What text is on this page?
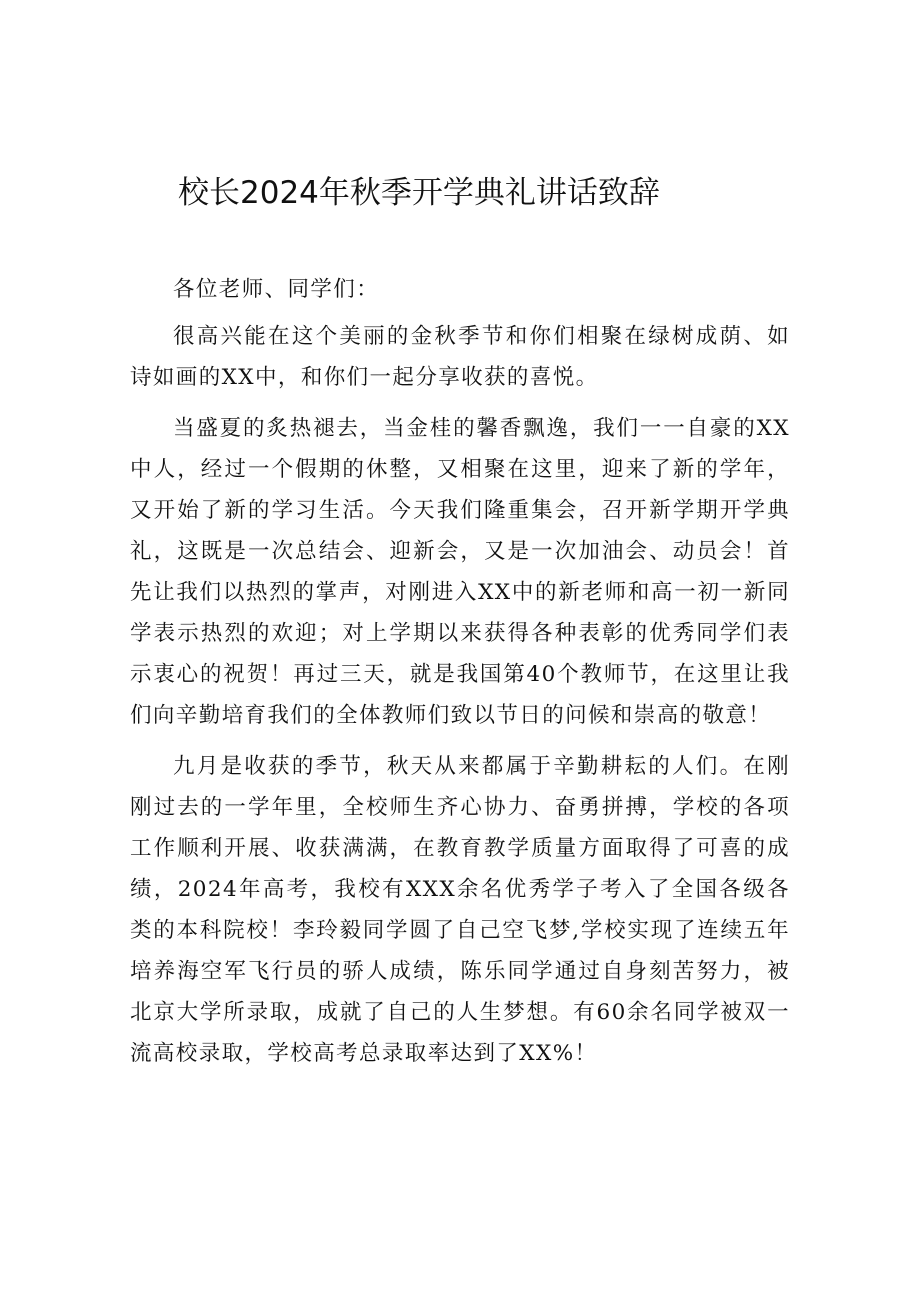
校长2024年秋季开学典礼讲话致辞

各位老师、同学们：

很高兴能在这个美丽的金秋季节和你们相聚在绿树成荫、如诗如画的XX中，和你们一起分享收获的喜悦。

当盛夏的炙热褪去，当金桂的馨香飘逸，我们一一自豪的XX中人，经过一个假期的休整，又相聚在这里，迎来了新的学年，又开始了新的学习生活。今天我们隆重集会，召开新学期开学典礼，这既是一次总结会、迎新会，又是一次加油会、动员会！首先让我们以热烈的掌声，对刚进入XX中的新老师和高一初一新同学表示热烈的欢迎；对上学期以来获得各种表彰的优秀同学们表示衷心的祝贺！再过三天，就是我国第40个教师节，在这里让我们向辛勤培育我们的全体教师们致以节日的问候和崇高的敬意！

九月是收获的季节，秋天从来都属于辛勤耕耘的人们。在刚刚过去的一学年里，全校师生齐心协力、奋勇拼搏，学校的各项工作顺利开展、收获满满，在教育教学质量方面取得了可喜的成绩，2024年高考，我校有XXX余名优秀学子考入了全国各级各类的本科院校！李玲毅同学圆了自己空飞梦,学校实现了连续五年培养海空军飞行员的骄人成绩，陈乐同学通过自身刻苦努力，被北京大学所录取，成就了自己的人生梦想。有60余名同学被双一流高校录取，学校高考总录取率达到了XX%！
